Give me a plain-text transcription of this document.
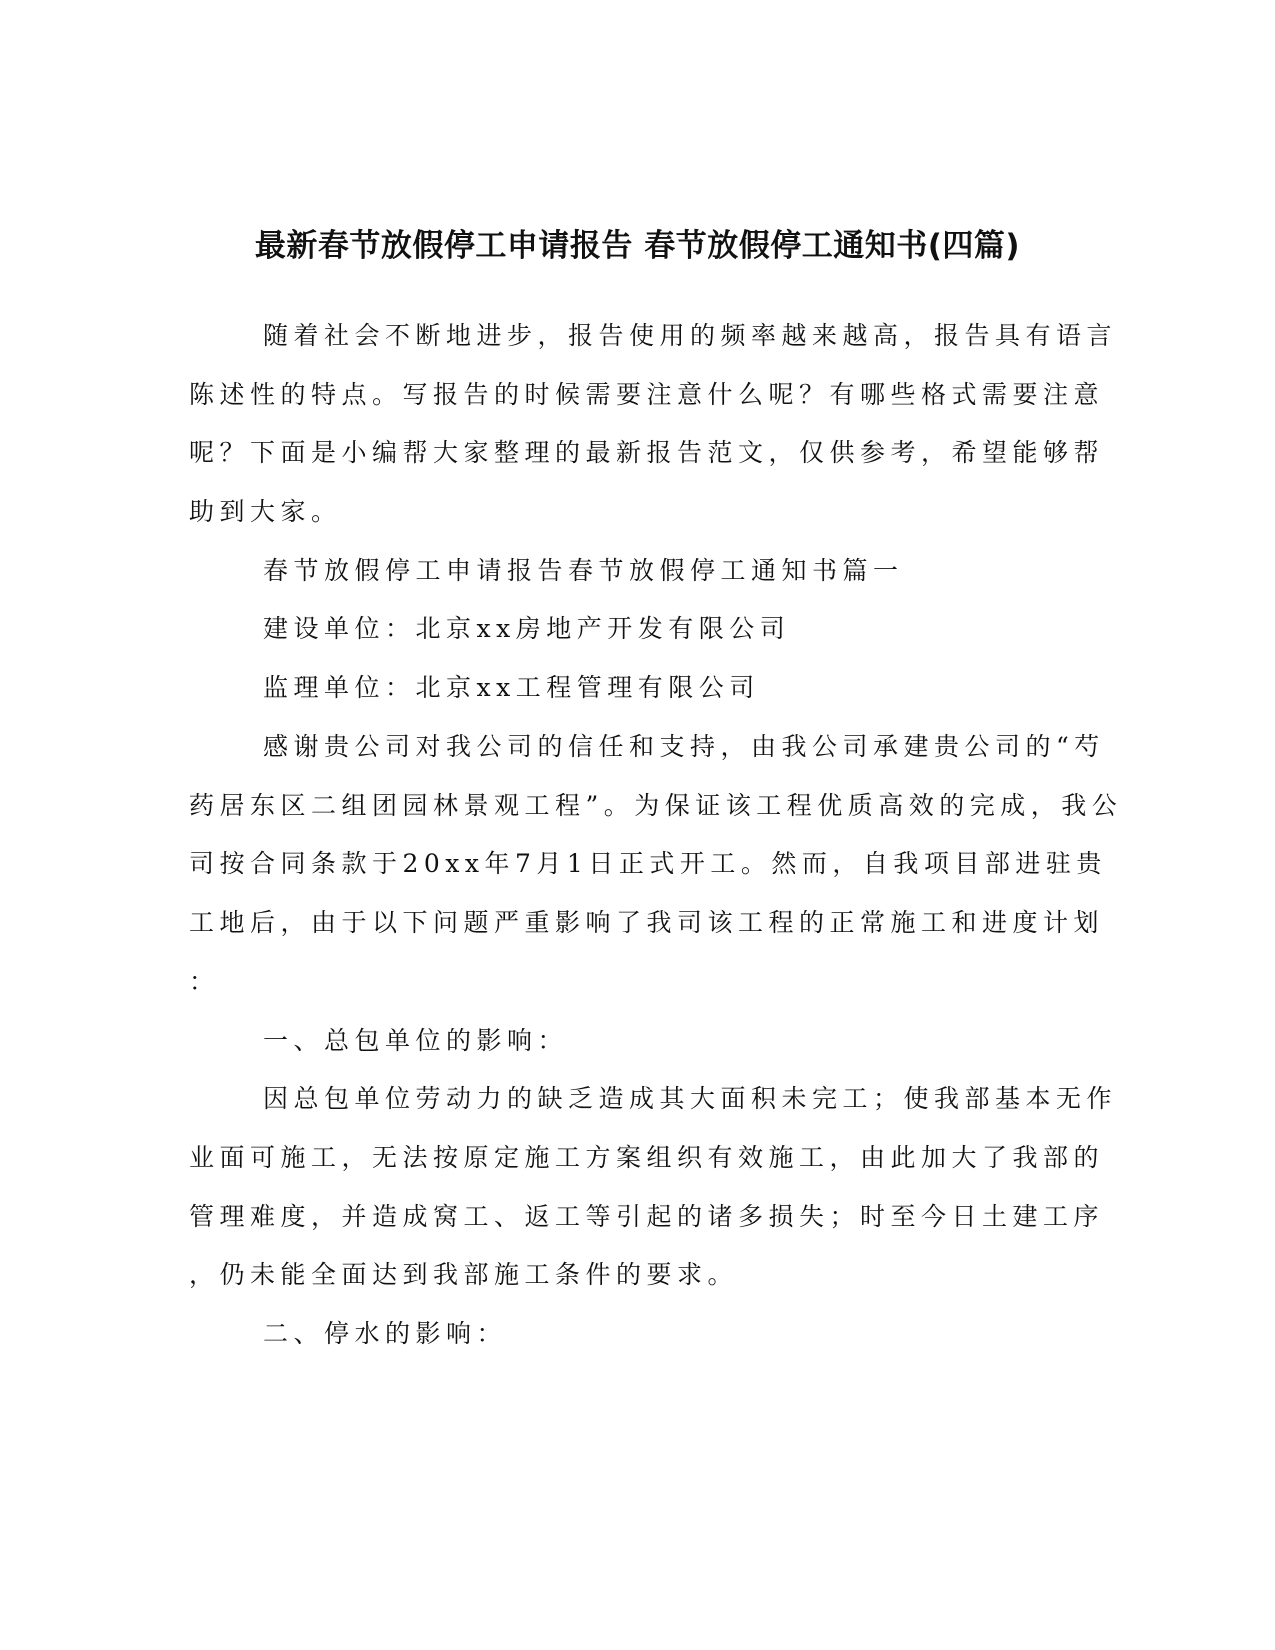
最新春节放假停工申请报告 春节放假停工通知书(四篇)
随着社会不断地进步，报告使用的频率越来越高，报告具有语言
陈述性的特点。写报告的时候需要注意什么呢？有哪些格式需要注意
呢？下面是小编帮大家整理的最新报告范文，仅供参考，希望能够帮
助到大家。
春节放假停工申请报告春节放假停工通知书篇一
建设单位：北京xx房地产开发有限公司
监理单位：北京xx工程管理有限公司
感谢贵公司对我公司的信任和支持，由我公司承建贵公司的“芍
药居东区二组团园林景观工程”。为保证该工程优质高效的完成，我公
司按合同条款于20xx年7月1日正式开工。然而，自我项目部进驻贵
工地后，由于以下问题严重影响了我司该工程的正常施工和进度计划
：
一、总包单位的影响：
因总包单位劳动力的缺乏造成其大面积未完工；使我部基本无作
业面可施工，无法按原定施工方案组织有效施工，由此加大了我部的
管理难度，并造成窝工、返工等引起的诸多损失；时至今日土建工序
，仍未能全面达到我部施工条件的要求。
二、停水的影响：
